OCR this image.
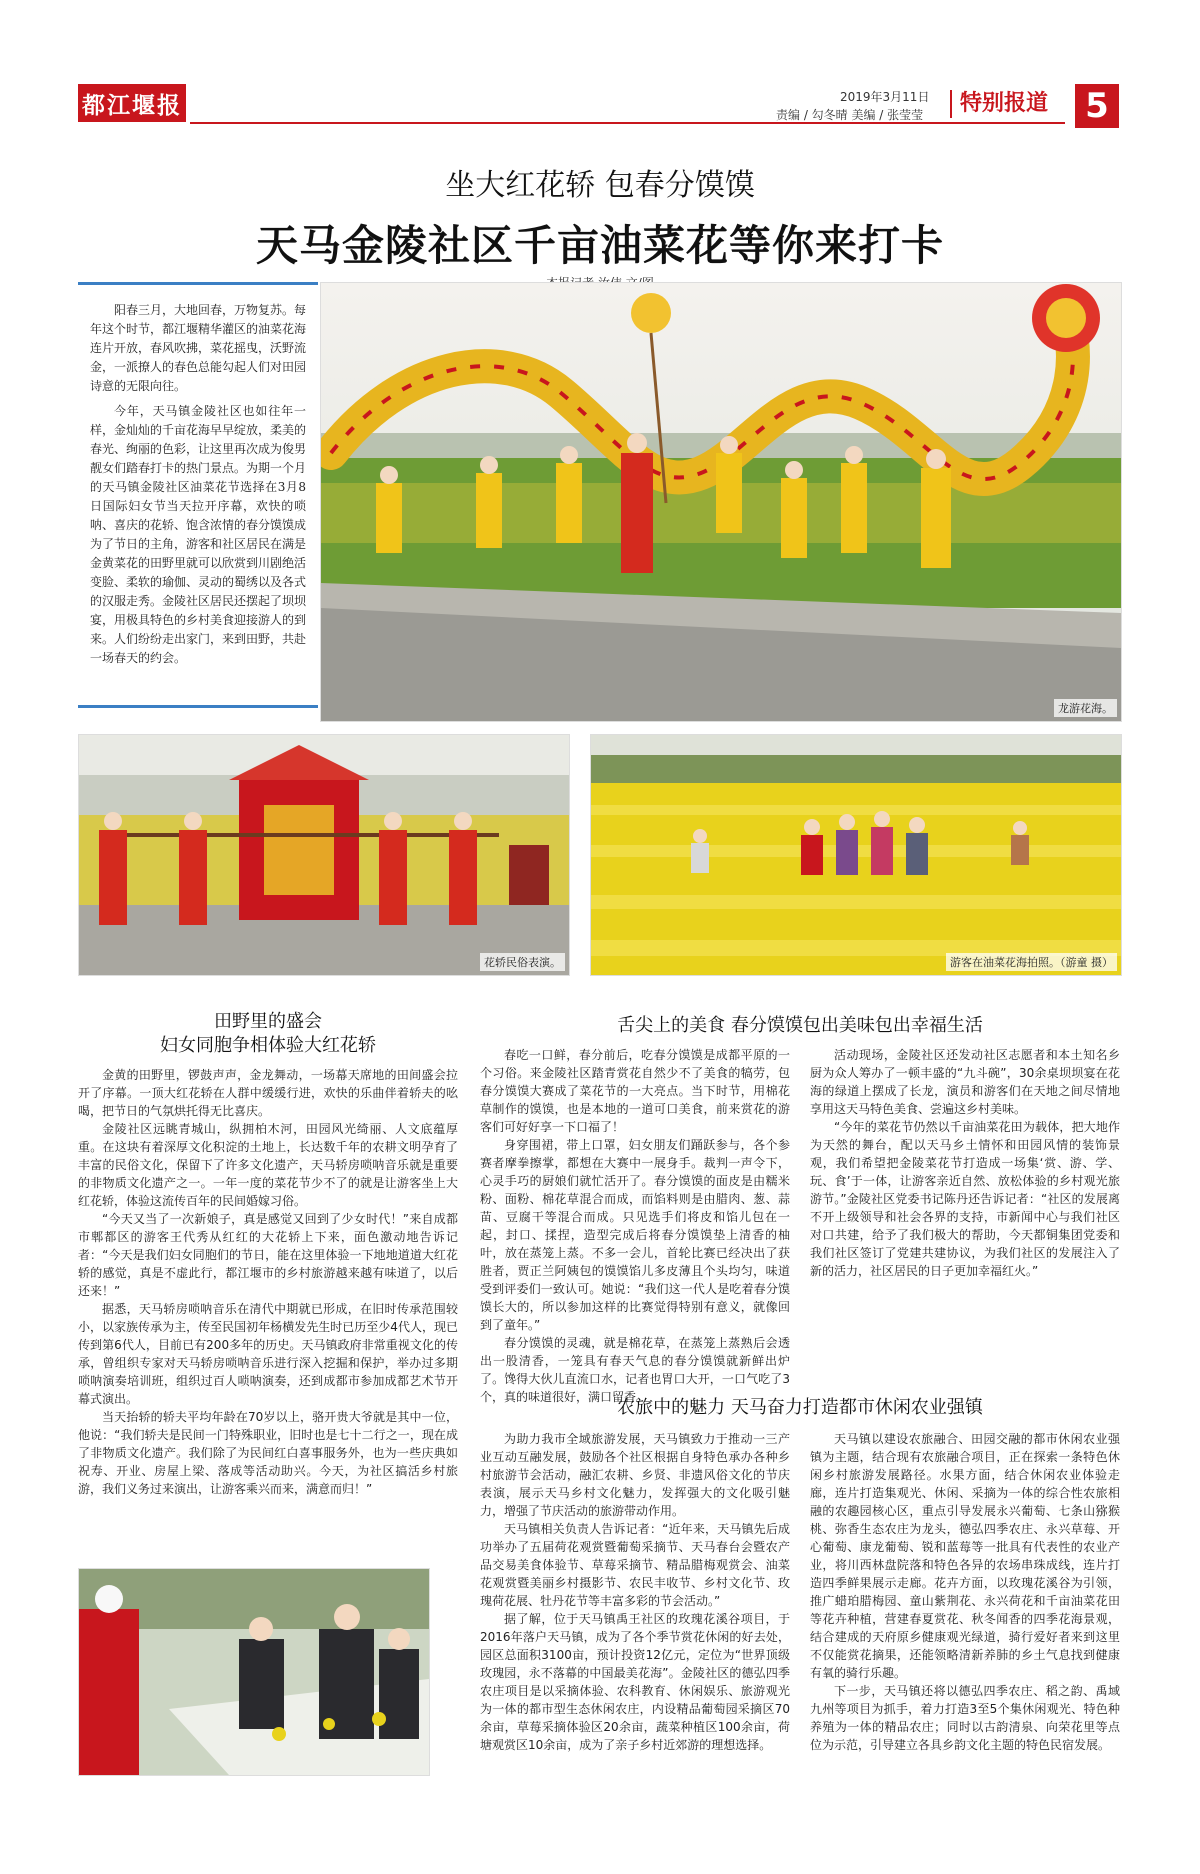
都江堰报	2019年3月11日
责编 / 勾冬晴 美编 / 张莹莹	特别报道 5
坐大红花轿 包春分馍馍
天马金陵社区千亩油菜花等你来打卡

阳春三月，大地回春，万物复苏。每年这个时节，都江堰精华灌区的油菜花海连片开放，春风吹拂，菜花摇曳，沃野流金，一派撩人的春色总能勾起人们对田园诗意的无限向往。

今年，天马镇金陵社区也如往年一样，金灿灿的千亩花海早早绽放，柔美的春光、绚丽的色彩，让这里再次成为俊男靓女们踏春打卡的热门景点。为期一个月的天马镇金陵社区油菜花节选择在3月8日国际妇女节当天拉开序幕，欢快的唢呐、喜庆的花轿、饱含浓情的春分馍馍成为了节日的主角，游客和社区居民在满是金黄菜花的田野里就可以欣赏到川剧绝活变脸、柔软的瑜伽、灵动的蜀绣以及各式的汉服走秀。金陵社区居民还摆起了坝坝宴，用极具特色的乡村美食迎接游人的到来。人们纷纷走出家门，来到田野，共赴一场春天的约会。

龙游花海。
花轿民俗表演。	游客在油菜花海拍照。（游童 摄）
田野里的盛会
妇女同胞争相体验大红花轿

金黄的田野里，锣鼓声声，金龙舞动，一场幕天席地的田间盛会拉开了序幕。一顶大红花轿在人群中缓缓行进，欢快的乐曲伴着轿夫的吆喝，把节日的气氛烘托得无比喜庆。

金陵社区远眺青城山，纵拥柏木河，田园风光绮丽、人文底蕴厚重。在这块有着深厚文化积淀的土地上，长达数千年的农耕文明孕育了丰富的民俗文化，保留下了许多文化遗产，天马轿房唢呐音乐就是重要的非物质文化遗产之一。一年一度的菜花节少不了的就是让游客坐上大红花轿，体验这流传百年的民间婚嫁习俗。

“今天又当了一次新娘子，真是感觉又回到了少女时代！”来自成都市郫都区的游客王代秀从红红的大花轿上下来，面色激动地告诉记者：“今天是我们妇女同胞们的节日，能在这里体验一下地地道道大红花轿的感觉，真是不虚此行，都江堰市的乡村旅游越来越有味道了，以后还来！”

据悉，天马轿房唢呐音乐在清代中期就已形成，在旧时传承范围较小，以家族传承为主，传至民国初年杨横发先生时已历至少4代人，现已传到第6代人，目前已有200多年的历史。天马镇政府非常重视文化的传承，曾组织专家对天马轿房唢呐音乐进行深入挖掘和保护，举办过多期唢呐演奏培训班，组织过百人唢呐演奏，还到成都市参加成都艺术节开幕式演出。

当天抬轿的轿夫平均年龄在70岁以上，骆开贵大爷就是其中一位，他说：“我们轿夫是民间一门特殊职业，旧时也是七十二行之一，现在成了非物质文化遗产。我们除了为民间红白喜事服务外，也为一些庆典如祝寿、开业、房屋上梁、落成等活动助兴。今天，为社区搞活乡村旅游，我们义务过来演出，让游客乘兴而来，满意而归！”

舌尖上的美食 春分馍馍包出美味包出幸福生活

春吃一口鲜，春分前后，吃春分馍馍是成都平原的一个习俗。来金陵社区踏青赏花自然少不了美食的犒劳，包春分馍馍大赛成了菜花节的一大亮点。当下时节，用棉花草制作的馍馍，也是本地的一道可口美食，前来赏花的游客们可好好享一下口福了！

身穿围裙，带上口罩，妇女朋友们踊跃参与，各个参赛者摩拳擦掌，都想在大赛中一展身手。裁判一声令下，心灵手巧的厨娘们就忙活开了。春分馍馍的面皮是由糯米粉、面粉、棉花草混合而成，而馅料则是由腊肉、葱、蒜苗、豆腐干等混合而成。只见选手们将皮和馅儿包在一起，封口、揉捏，造型完成后将春分馍馍垫上清香的柚叶，放在蒸笼上蒸。不多一会儿，首轮比赛已经决出了获胜者，贾正兰阿姨包的馍馍馅儿多皮薄且个头均匀，味道受到评委们一致认可。她说：“我们这一代人是吃着春分馍馍长大的，所以参加这样的比赛觉得特别有意义，就像回到了童年。”

春分馍馍的灵魂，就是棉花草，在蒸笼上蒸熟后会透出一股清香，一笼具有春天气息的春分馍馍就新鲜出炉了。馋得大伙儿直流口水，记者也胃口大开，一口气吃了3个，真的味道很好，满口留香。

活动现场，金陵社区还发动社区志愿者和本土知名乡厨为众人筹办了一顿丰盛的“九斗碗”，30余桌坝坝宴在花海的绿道上摆成了长龙，演员和游客们在天地之间尽情地享用这天马特色美食、尝遍这乡村美味。

“今年的菜花节仍然以千亩油菜花田为载体，把大地作为天然的舞台，配以天马乡土情怀和田园风情的装饰景观，我们希望把金陵菜花节打造成一场集‘赏、游、学、玩、食’于一体，让游客亲近自然、放松体验的乡村观光旅游节。”金陵社区党委书记陈丹还告诉记者：“社区的发展离不开上级领导和社会各界的支持，市新闻中心与我们社区对口共建，给予了我们极大的帮助，今天都铜集团党委和我们社区签订了党建共建协议，为我们社区的发展注入了新的活力，社区居民的日子更加幸福红火。”

农旅中的魅力 天马奋力打造都市休闲农业强镇

为助力我市全域旅游发展，天马镇致力于推动一三产业互动互融发展，鼓励各个社区根据自身特色承办各种乡村旅游节会活动，融汇农耕、乡贤、非遗风俗文化的节庆表演，展示天马乡村文化魅力，发挥强大的文化吸引魅力，增强了节庆活动的旅游带动作用。

天马镇相关负责人告诉记者：“近年来，天马镇先后成功举办了五届荷花观赏暨葡萄采摘节、天马春台会暨农产品交易美食体验节、草莓采摘节、精品腊梅观赏会、油菜花观赏暨美丽乡村摄影节、农民丰收节、乡村文化节、玫瑰荷花展、牡丹花节等丰富多彩的节会活动。”

据了解，位于天马镇禹王社区的玫瑰花溪谷项目，于2016年落户天马镇，成为了各个季节赏花休闲的好去处，园区总面积3100亩，预计投资12亿元，定位为“世界顶级玫瑰园，永不落幕的中国最美花海”。金陵社区的德弘四季农庄项目是以采摘体验、农科教育、休闲娱乐、旅游观光为一体的都市型生态休闲农庄，内设精品葡萄园采摘区70余亩，草莓采摘体验区20余亩，蔬菜种植区100余亩，荷塘观赏区10余亩，成为了亲子乡村近郊游的理想选择。

天马镇以建设农旅融合、田园交融的都市休闲农业强镇为主题，结合现有农旅融合项目，正在探索一条特色休闲乡村旅游发展路径。水果方面，结合休闲农业体验走廊，连片打造集观光、休闲、采摘为一体的综合性农旅相融的农趣园核心区，重点引导发展永兴葡萄、七条山猕猴桃、弥香生态农庄为龙头，德弘四季农庄、永兴草莓、开心葡萄、康龙葡萄、锐和蓝莓等一批具有代表性的农业产业，将川西林盘院落和特色各异的农场串珠成线，连片打造四季鲜果展示走廊。花卉方面，以玫瑰花溪谷为引领，推广蜡珀腊梅园、童山紫荆花、永兴荷花和千亩油菜花田等花卉种植，营建春夏赏花、秋冬闻香的四季花海景观，结合建成的天府原乡健康观光绿道，骑行爱好者来到这里不仅能赏花摘果，还能领略清新养肺的乡土气息找到健康有氧的骑行乐趣。

下一步，天马镇还将以德弘四季农庄、稻之韵、禹域九州等项目为抓手，着力打造3至5个集休闲观光、特色种养殖为一体的精品农庄；同时以古韵清泉、向荣花里等点位为示范，引导建立各具乡韵文化主题的特色民宿发展。
